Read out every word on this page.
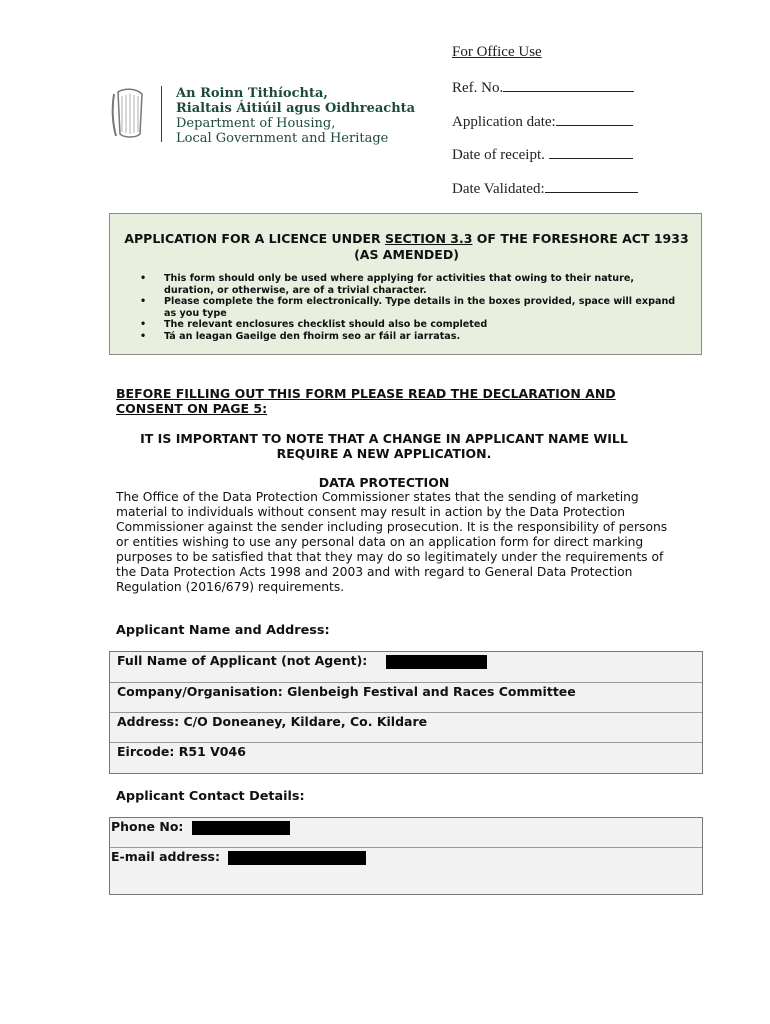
An Roinn Tithíochta,
Rialtais Áitiúil agus Oidhreachta
Department of Housing,
Local Government and Heritage
For Office Use
Ref. No.
Application date:
Date of receipt.
Date Validated:
APPLICATION FOR A LICENCE UNDER SECTION 3.3 OF THE FORESHORE ACT 1933 (AS AMENDED)
• This form should only be used where applying for activities that owing to their nature, duration, or otherwise, are of a trivial character.
• Please complete the form electronically. Type details in the boxes provided, space will expand as you type
• The relevant enclosures checklist should also be completed
• Tá an leagan Gaeilge den fhoirm seo ar fáil ar iarratas.
BEFORE FILLING OUT THIS FORM PLEASE READ THE DECLARATION AND CONSENT ON PAGE 5:
IT IS IMPORTANT TO NOTE THAT A CHANGE IN APPLICANT NAME WILL REQUIRE A NEW APPLICATION.
DATA PROTECTION
The Office of the Data Protection Commissioner states that the sending of marketing material to individuals without consent may result in action by the Data Protection Commissioner against the sender including prosecution. It is the responsibility of persons or entities wishing to use any personal data on an application form for direct marking purposes to be satisfied that that they may do so legitimately under the requirements of the Data Protection Acts 1998 and 2003 and with regard to General Data Protection Regulation (2016/679) requirements.
Applicant Name and Address:
Full Name of Applicant (not Agent):
Company/Organisation: Glenbeigh Festival and Races Committee
Address: C/O Doneaney, Kildare, Co. Kildare
Eircode: R51 V046
Applicant Contact Details:
Phone No:
E-mail address:
